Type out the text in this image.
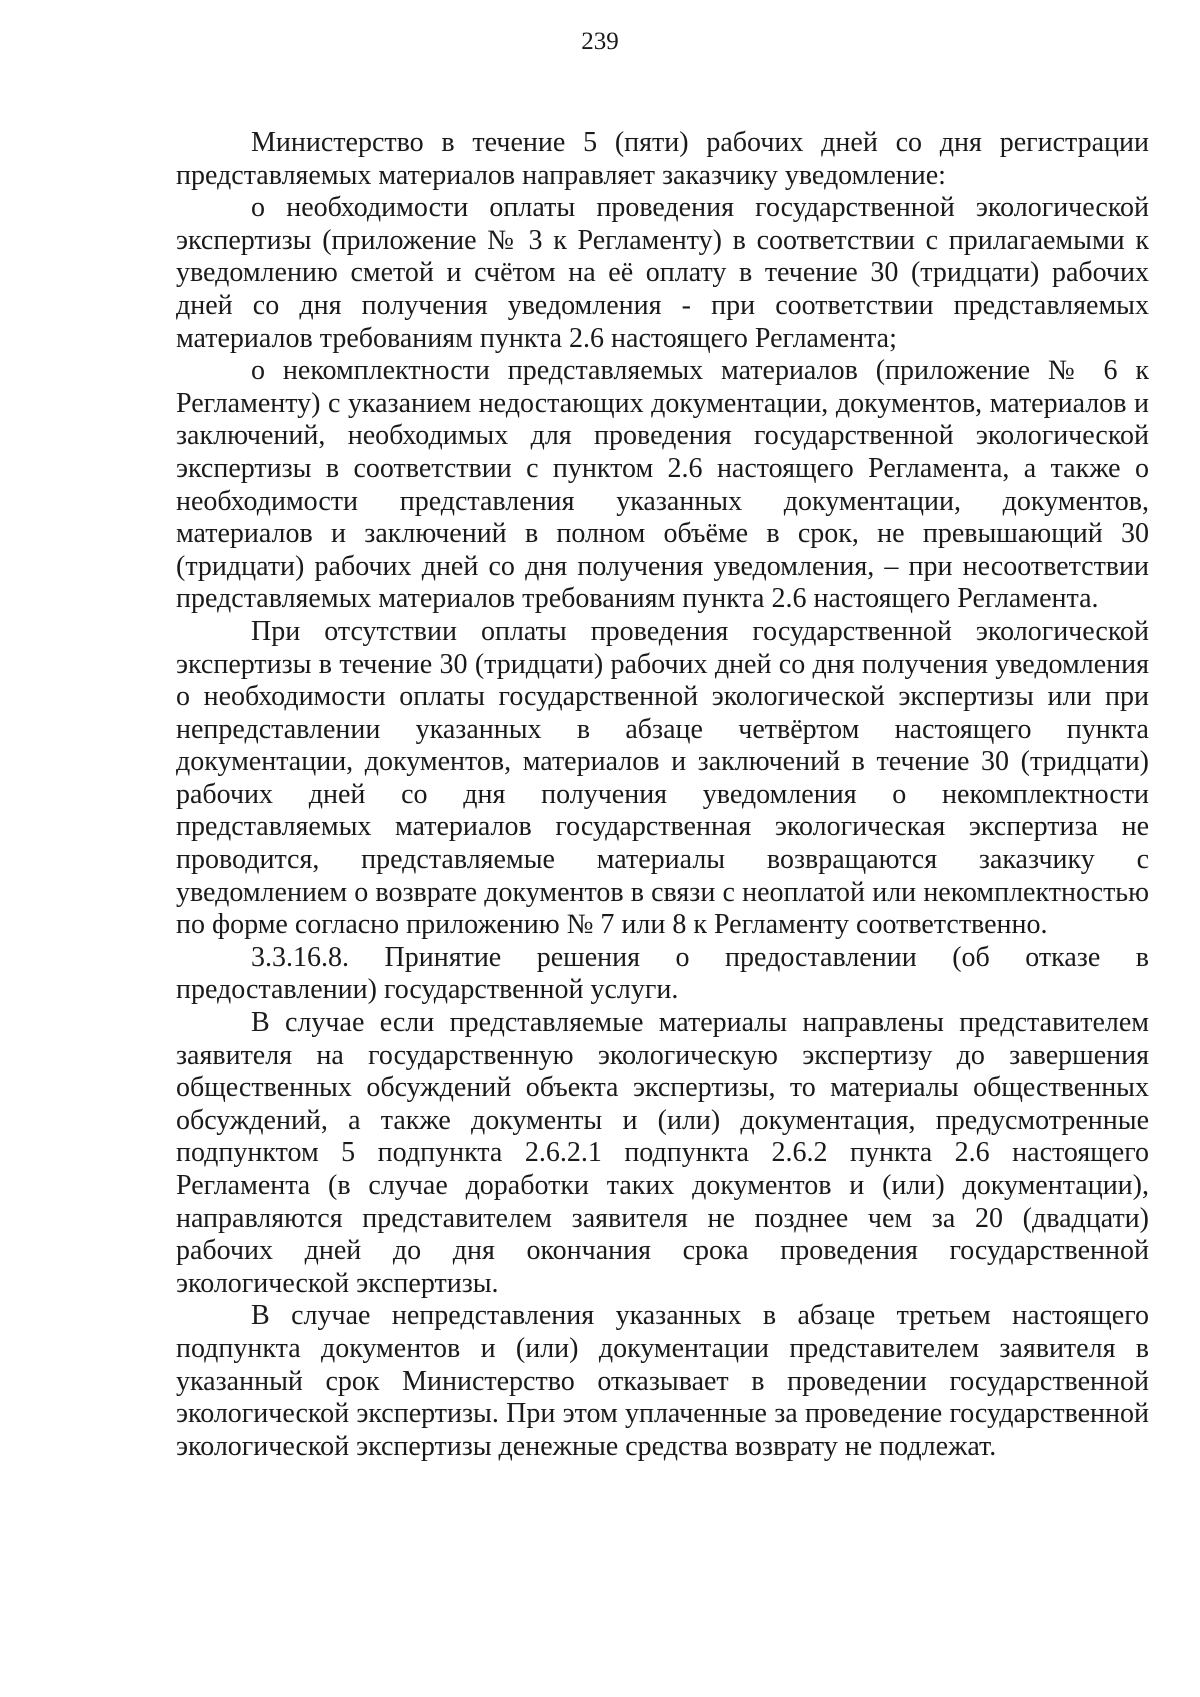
239

Министерство в течение 5 (пяти) рабочих дней со дня регистрации представляемых материалов направляет заказчику уведомление:

о необходимости оплаты проведения государственной экологической экспертизы (приложение № 3 к Регламенту) в соответствии с прилагаемыми к уведомлению сметой и счётом на её оплату в течение 30 (тридцати) рабочих дней со дня получения уведомления - при соответствии представляемых материалов требованиям пункта 2.6 настоящего Регламента;

о некомплектности представляемых материалов (приложение № 6 к Регламенту) с указанием недостающих документации, документов, материалов и заключений, необходимых для проведения государственной экологической экспертизы в соответствии с пунктом 2.6 настоящего Регламента, а также о необходимости представления указанных документации, документов, материалов и заключений в полном объёме в срок, не превышающий 30 (тридцати) рабочих дней со дня получения уведомления, – при несоответствии представляемых материалов требованиям пункта 2.6 настоящего Регламента.

При отсутствии оплаты проведения государственной экологической экспертизы в течение 30 (тридцати) рабочих дней со дня получения уведомления о необходимости оплаты государственной экологической экспертизы или при непредставлении указанных в абзаце четвёртом настоящего пункта документации, документов, материалов и заключений в течение 30 (тридцати) рабочих дней со дня получения уведомления о некомплектности представляемых материалов государственная экологическая экспертиза не проводится, представляемые материалы возвращаются заказчику с уведомлением о возврате документов в связи с неоплатой или некомплектностью по форме согласно приложению № 7 или 8 к Регламенту соответственно.

3.3.16.8. Принятие решения о предоставлении (об отказе в предоставлении) государственной услуги.

В случае если представляемые материалы направлены представителем заявителя на государственную экологическую экспертизу до завершения общественных обсуждений объекта экспертизы, то материалы общественных обсуждений, а также документы и (или) документация, предусмотренные подпунктом 5 подпункта 2.6.2.1 подпункта 2.6.2 пункта 2.6 настоящего Регламента (в случае доработки таких документов и (или) документации), направляются представителем заявителя не позднее чем за 20 (двадцати) рабочих дней до дня окончания срока проведения государственной экологической экспертизы.

В случае непредставления указанных в абзаце третьем настоящего подпункта документов и (или) документации представителем заявителя в указанный срок Министерство отказывает в проведении государственной экологической экспертизы. При этом уплаченные за проведение государственной экологической экспертизы денежные средства возврату не подлежат.
